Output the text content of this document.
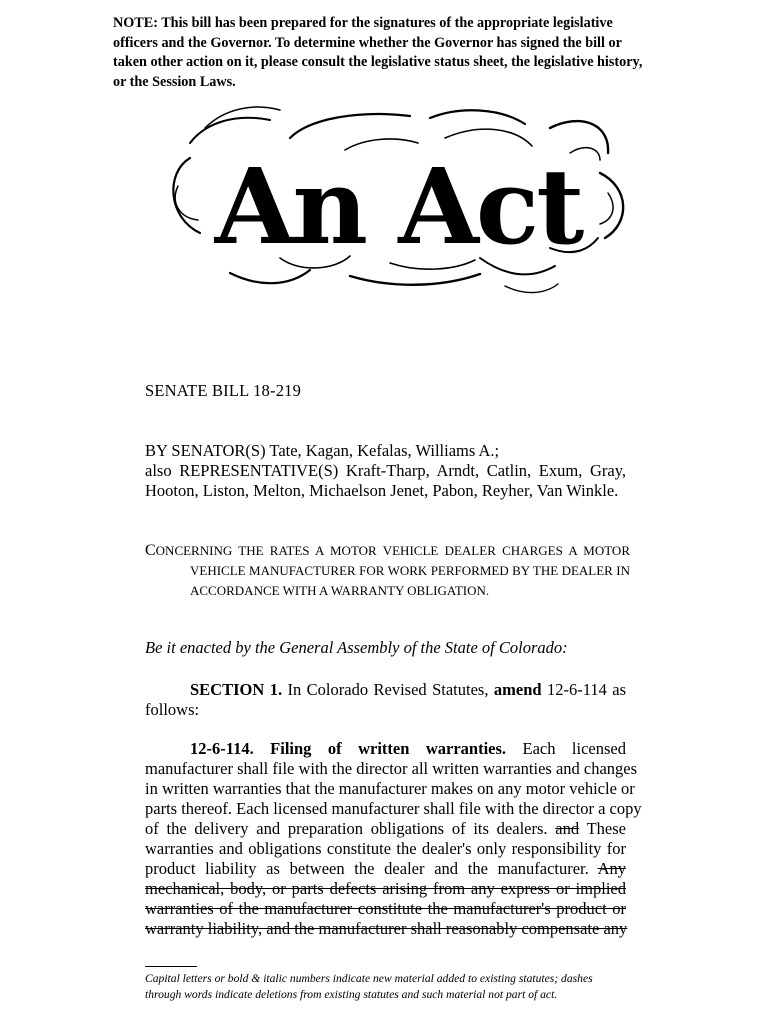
NOTE: This bill has been prepared for the signatures of the appropriate legislative officers and the Governor. To determine whether the Governor has signed the bill or taken other action on it, please consult the legislative status sheet, the legislative history, or the Session Laws.
An Act
SENATE BILL 18-219
BY SENATOR(S) Tate, Kagan, Kefalas, Williams A.;
also REPRESENTATIVE(S) Kraft-Tharp, Arndt, Catlin, Exum, Gray,
Hooton, Liston, Melton, Michaelson Jenet, Pabon, Reyher, Van Winkle.
CONCERNING THE RATES A MOTOR VEHICLE DEALER CHARGES A MOTOR
VEHICLE MANUFACTURER FOR WORK PERFORMED BY THE DEALER IN
ACCORDANCE WITH A WARRANTY OBLIGATION.
Be it enacted by the General Assembly of the State of Colorado:
SECTION 1. In Colorado Revised Statutes, amend 12-6-114 as
follows:
12-6-114. Filing of written warranties. Each licensed
manufacturer shall file with the director all written warranties and changes
in written warranties that the manufacturer makes on any motor vehicle or
parts thereof. Each licensed manufacturer shall file with the director a copy
of the delivery and preparation obligations of its dealers. and These
warranties and obligations constitute the dealer's only responsibility for
product liability as between the dealer and the manufacturer. Any
mechanical, body, or parts defects arising from any express or implied
warranties of the manufacturer constitute the manufacturer's product or
warranty liability, and the manufacturer shall reasonably compensate any
Capital letters or bold & italic numbers indicate new material added to existing statutes; dashes
through words indicate deletions from existing statutes and such material not part of act.
